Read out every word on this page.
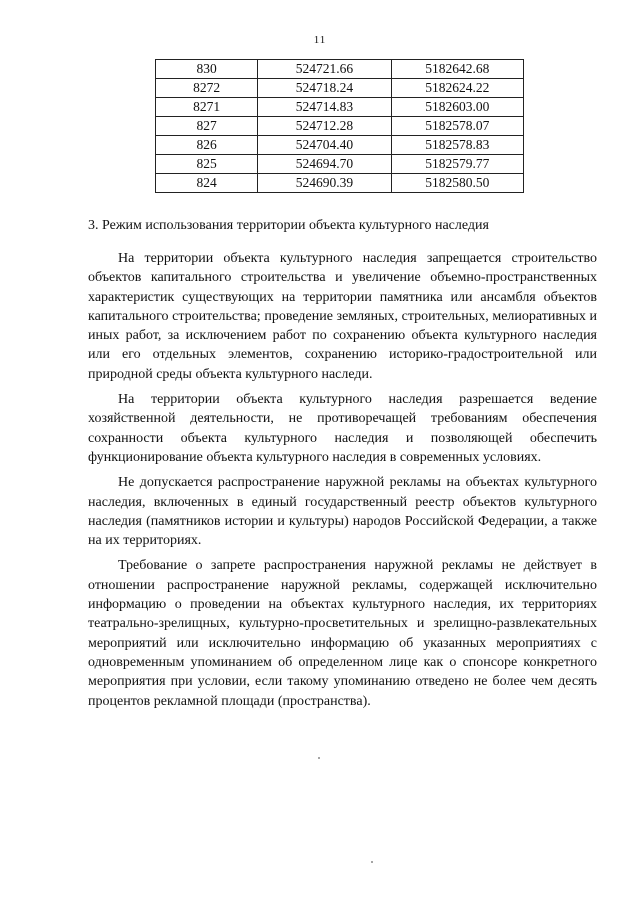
11
830	524721.66	5182642.68
8272	524718.24	5182624.22
8271	524714.83	5182603.00
827	524712.28	5182578.07
826	524704.40	5182578.83
825	524694.70	5182579.77
824	524690.39	5182580.50
3. Режим использования территории объекта культурного наследия

На территории объекта культурного наследия запрещается строительство объектов капитального строительства и увеличение объемно-пространственных характеристик существующих на территории памятника или ансамбля объектов капитального строительства; проведение земляных, строительных, мелиоративных и иных работ, за исключением работ по сохранению объекта культурного наследия или его отдельных элементов, сохранению историко-градостроительной или природной среды объекта культурного наследи.

На территории объекта культурного наследия разрешается ведение хозяйственной деятельности, не противоречащей требованиям обеспечения сохранности объекта культурного наследия и позволяющей обеспечить функционирование объекта культурного наследия в современных условиях.

Не допускается распространение наружной рекламы на объектах культурного наследия, включенных в единый государственный реестр объектов культурного наследия (памятников истории и культуры) народов Российской Федерации, а также на их территориях.

Требование о запрете распространения наружной рекламы не действует в отношении распространение наружной рекламы, содержащей исключительно информацию о проведении на объектах культурного наследия, их территориях театрально-зрелищных, культурно-просветительных и зрелищно-развлекательных мероприятий или исключительно информацию об указанных мероприятиях с одновременным упоминанием об определенном лице как о спонсоре конкретного мероприятия при условии, если такому упоминанию отведено не более чем десять процентов рекламной площади (пространства).
